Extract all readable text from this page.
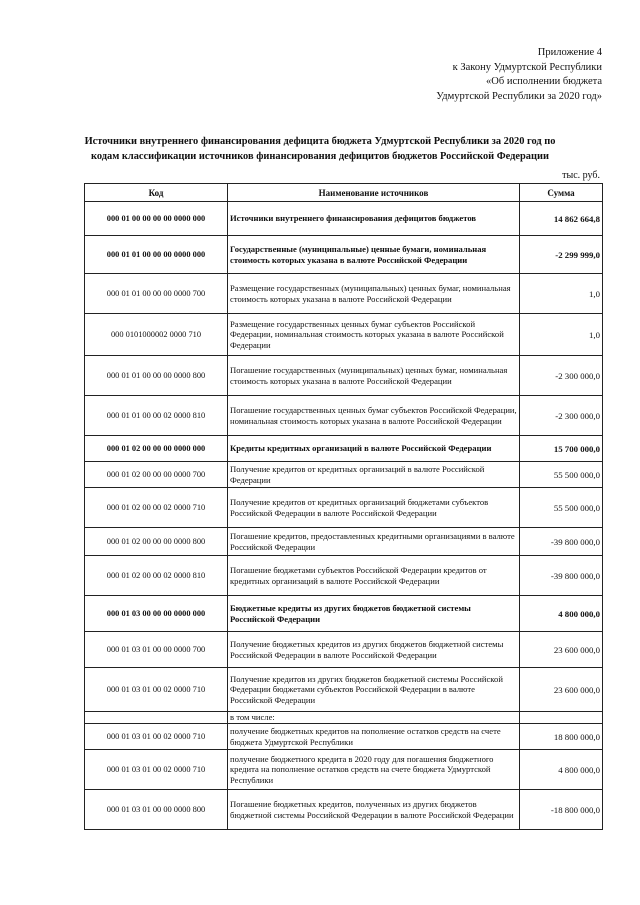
Приложение 4
к Закону Удмуртской Республики
«Об исполнении бюджета
Удмуртской Республики за 2020 год»
Источники внутреннего финансирования дефицита бюджета Удмуртской Республики за 2020 год по
кодам классификации источников финансирования дефицитов бюджетов Российской Федерации
тыс. руб.
Код	Наименование источников	Сумма
000 01 00 00 00 00 0000 000	Источники внутреннего финансирования дефицитов бюджетов	14 862 664,8
000 01 01 00 00 00 0000 000	Государственные (муниципальные) ценные бумаги, номинальная стоимость которых указана в валюте Российской Федерации	-2 299 999,0
000 01 01 00 00 00 0000 700	Размещение государственных (муниципальных) ценных бумаг, номинальная стоимость которых указана в валюте Российской Федерации	1,0
000 0101000002 0000 710	Размещение государственных ценных бумаг субъектов Российской Федерации, номинальная стоимость которых указана в валюте Российской Федерации	1,0
000 01 01 00 00 00 0000 800	Погашение государственных (муниципальных) ценных бумаг, номинальная стоимость которых указана в валюте Российской Федерации	-2 300 000,0
000 01 01 00 00 02 0000 810	Погашение государственных ценных бумаг субъектов Российской Федерации, номинальная стоимость которых указана в валюте Российской Федерации	-2 300 000,0
000 01 02 00 00 00 0000 000	Кредиты кредитных организаций в валюте Российской Федерации	15 700 000,0
000 01 02 00 00 00 0000 700	Получение кредитов от кредитных организаций в валюте Российской Федерации	55 500 000,0
000 01 02 00 00 02 0000 710	Получение кредитов от кредитных организаций бюджетами субъектов Российской Федерации в валюте Российской Федерации	55 500 000,0
000 01 02 00 00 00 0000 800	Погашение кредитов, предоставленных кредитными организациями в валюте Российской Федерации	-39 800 000,0
000 01 02 00 00 02 0000 810	Погашение бюджетами субъектов Российской Федерации кредитов от кредитных организаций в валюте Российской Федерации	-39 800 000,0
000 01 03 00 00 00 0000 000	Бюджетные кредиты из других бюджетов бюджетной системы Российской Федерации	4 800 000,0
000 01 03 01 00 00 0000 700	Получение бюджетных кредитов из других бюджетов бюджетной системы Российской Федерации в валюте Российской Федерации	23 600 000,0
000 01 03 01 00 02 0000 710	Получение кредитов из других бюджетов бюджетной системы Российской Федерации бюджетами субъектов Российской Федерации в валюте Российской Федерации	23 600 000,0
	в том числе:	
000 01 03 01 00 02 0000 710	получение бюджетных кредитов на пополнение остатков средств на счете бюджета Удмуртской Республики	18 800 000,0
000 01 03 01 00 02 0000 710	получение бюджетного кредита в 2020 году для погашения бюджетного кредита на пополнение остатков средств на счете бюджета Удмуртской Республики	4 800 000,0
000 01 03 01 00 00 0000 800	Погашение бюджетных кредитов, полученных из других бюджетов бюджетной системы Российской Федерации в валюте Российской Федерации	-18 800 000,0
